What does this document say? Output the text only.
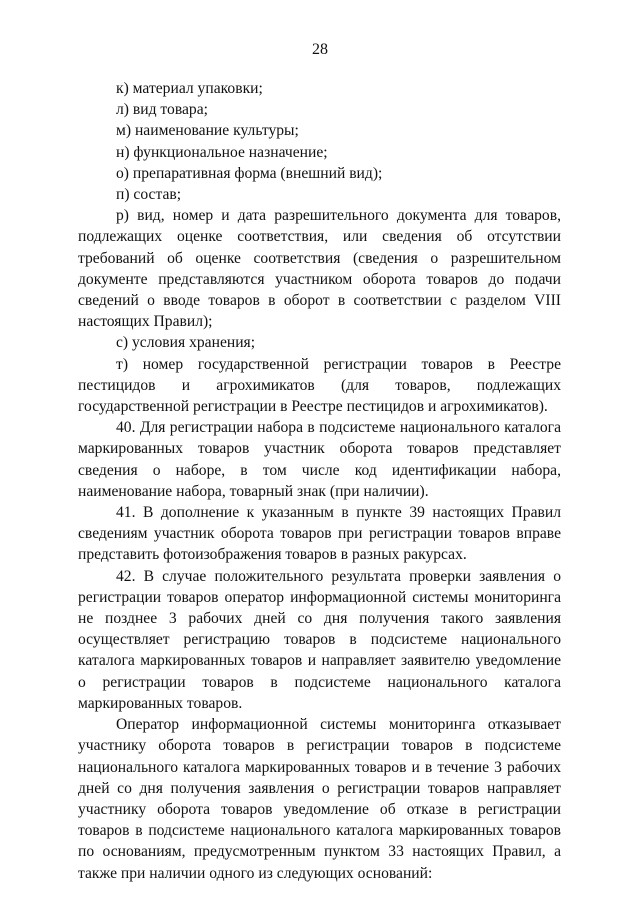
28

к) материал упаковки;

л) вид товара;

м) наименование культуры;

н) функциональное назначение;

о) препаративная форма (внешний вид);

п) состав;

р) вид, номер и дата разрешительного документа для товаров, подлежащих оценке соответствия, или сведения об отсутствии требований об оценке соответствия (сведения о разрешительном документе представляются участником оборота товаров до подачи сведений о вводе товаров в оборот в соответствии с разделом VIII настоящих Правил);

с) условия хранения;

т) номер государственной регистрации товаров в Реестре пестицидов и агрохимикатов (для товаров, подлежащих государственной регистрации в Реестре пестицидов и агрохимикатов).

40. Для регистрации набора в подсистеме национального каталога маркированных товаров участник оборота товаров представляет сведения о наборе, в том числе код идентификации набора, наименование набора, товарный знак (при наличии).

41. В дополнение к указанным в пункте 39 настоящих Правил сведениям участник оборота товаров при регистрации товаров вправе представить фотоизображения товаров в разных ракурсах.

42. В случае положительного результата проверки заявления о регистрации товаров оператор информационной системы мониторинга не позднее 3 рабочих дней со дня получения такого заявления осуществляет регистрацию товаров в подсистеме национального каталога маркированных товаров и направляет заявителю уведомление о регистрации товаров в подсистеме национального каталога маркированных товаров.

Оператор информационной системы мониторинга отказывает участнику оборота товаров в регистрации товаров в подсистеме национального каталога маркированных товаров и в течение 3 рабочих дней со дня получения заявления о регистрации товаров направляет участнику оборота товаров уведомление об отказе в регистрации товаров в подсистеме национального каталога маркированных товаров по основаниям, предусмотренным пунктом 33 настоящих Правил, а также при наличии одного из следующих оснований:
